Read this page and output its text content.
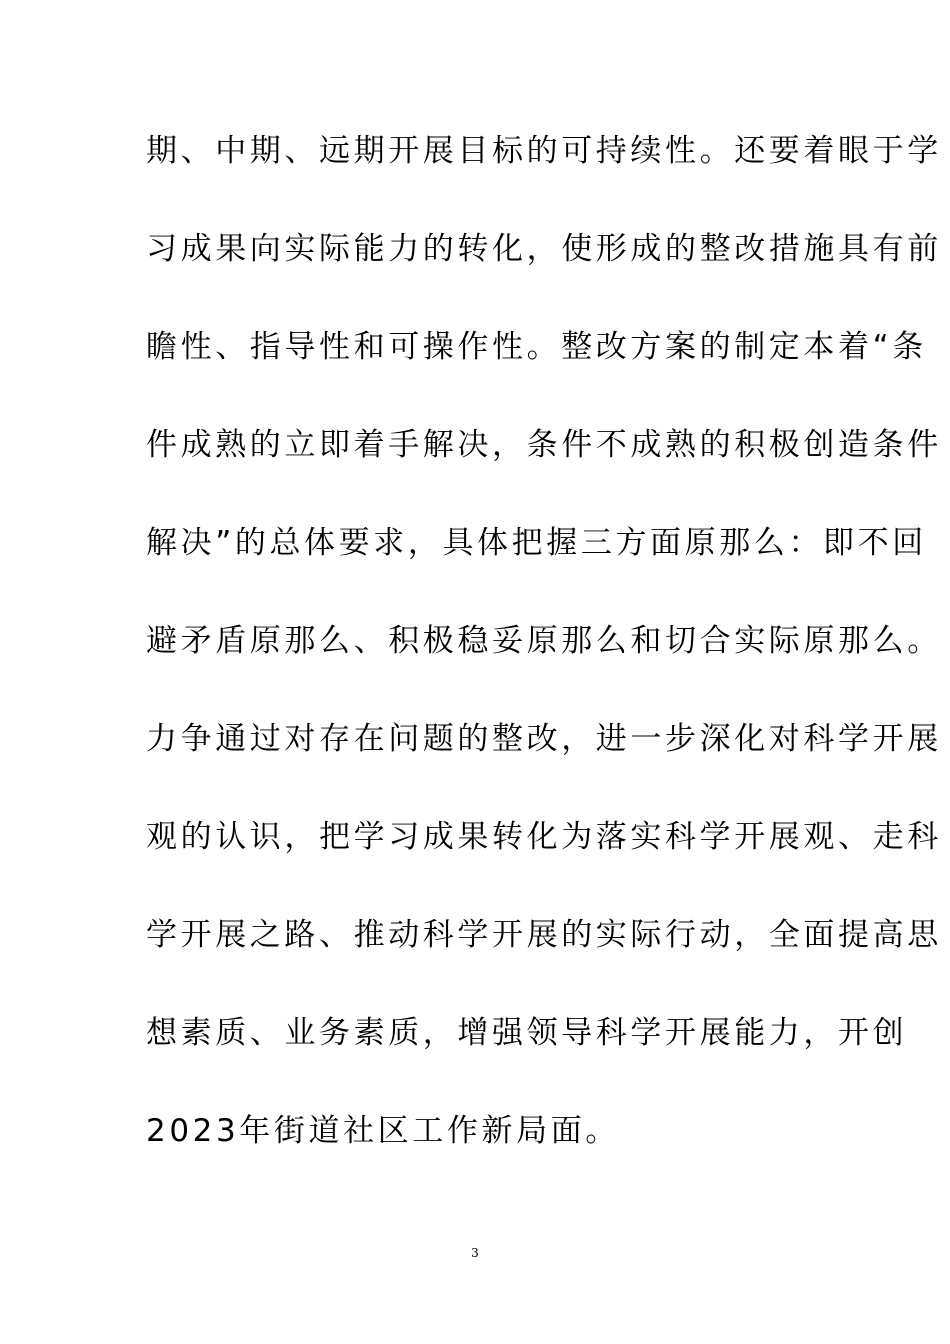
期、中期、远期开展目标的可持续性。还要着眼于学
习成果向实际能力的转化，使形成的整改措施具有前
瞻性、指导性和可操作性。整改方案的制定本着“条
件成熟的立即着手解决，条件不成熟的积极创造条件
解决”的总体要求，具体把握三方面原那么：即不回
避矛盾原那么、积极稳妥原那么和切合实际原那么。
力争通过对存在问题的整改，进一步深化对科学开展
观的认识，把学习成果转化为落实科学开展观、走科
学开展之路、推动科学开展的实际行动，全面提高思
想素质、业务素质，增强领导科学开展能力，开创
2023年街道社区工作新局面。
3
